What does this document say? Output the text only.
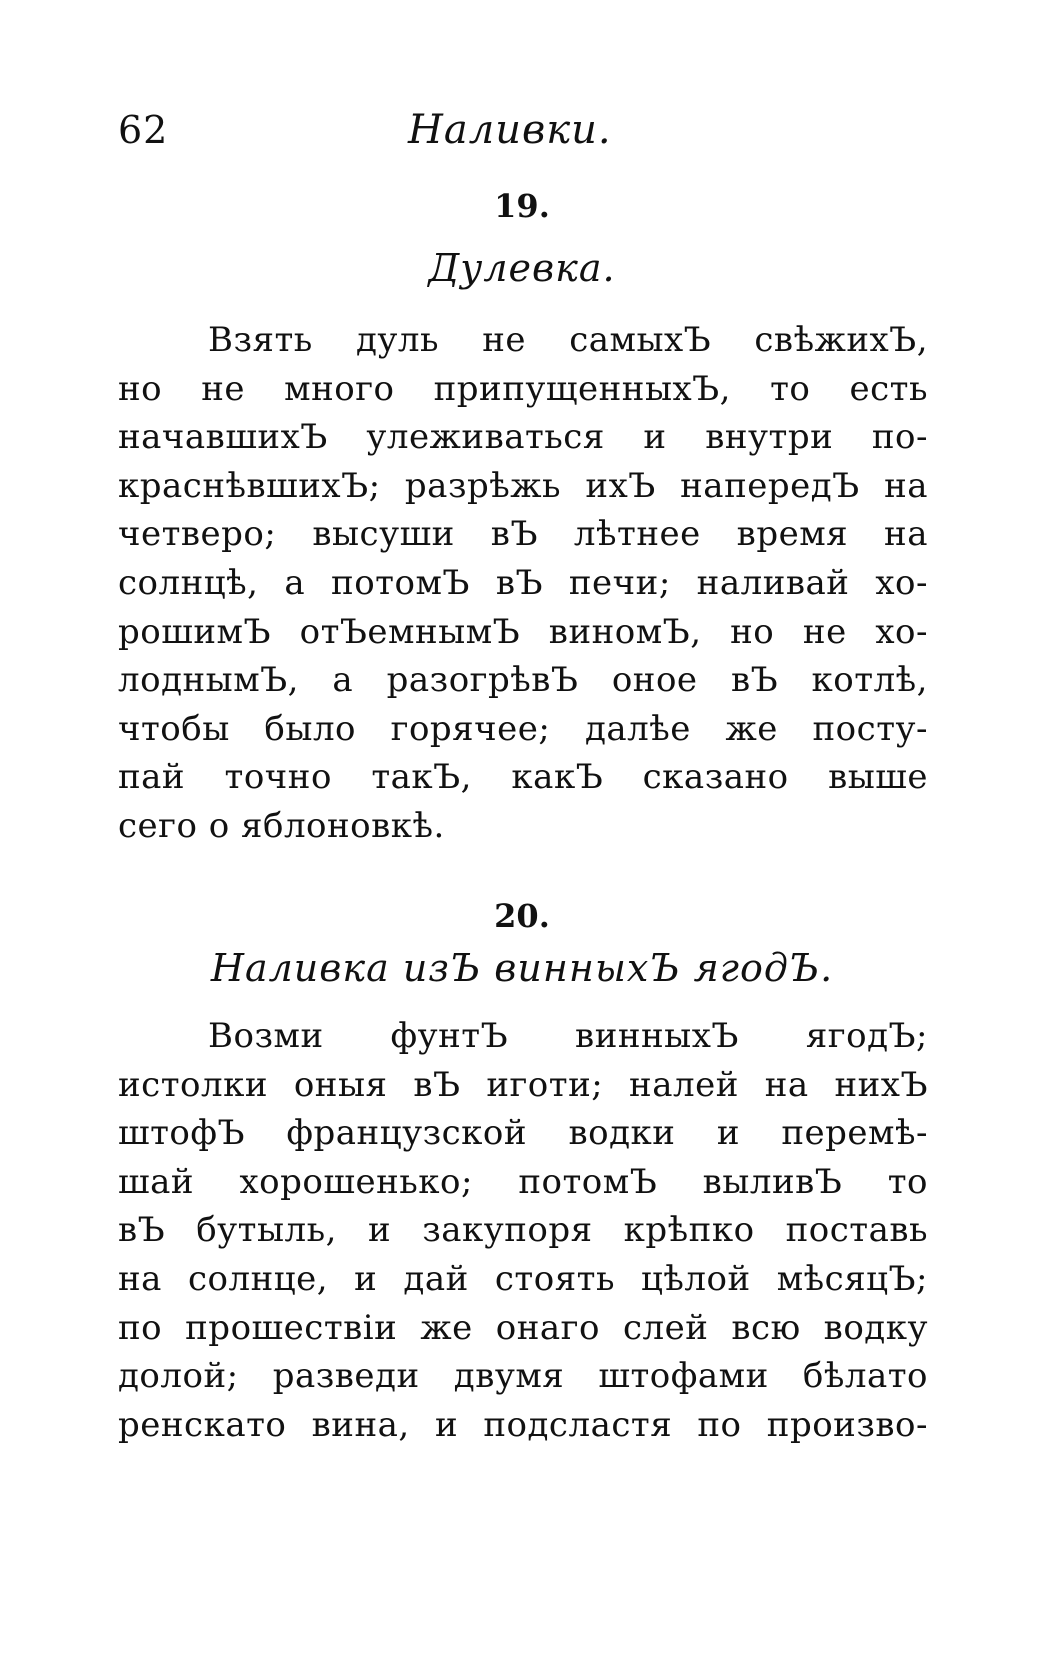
62	Наливки.
19.
Дулевка.
Взять дуль не самыхЪ свѣжихЪ,
но не много припущенныхЪ, то есть
начавшихЪ улеживаться и внутри по-
краснѣвшихЪ; разрѣжь ихЪ напередЪ на
четверо; высуши вЪ лѣтнее время на
солнцѣ, а потомЪ вЪ печи; наливай хо-
рошимЪ отЪемнымЪ виномЪ, но не хо-
лоднымЪ, а разогрѣвЪ оное вЪ котлѣ,
чтобы было горячее; далѣе же посту-
пай точно такЪ, какЪ сказано выше
сего о яблоновкѣ.
20.
Наливка изЪ винныхЪ ягодЪ.
Возми фунтЪ винныхЪ ягодЪ;
истолки оныя вЪ иготи; налей на нихЪ
штофЪ французской водки и перемѣ-
шай хорошенько; потомЪ выливЪ то
вЪ бутыль, и закупоря крѣпко поставь
на солнце, и дай стоять цѣлой мѣсяцЪ;
по прошествіи же онаго слей всю водку
долой; разведи двумя штофами бѣлато
ренскато вина, и подсластя по произво-
